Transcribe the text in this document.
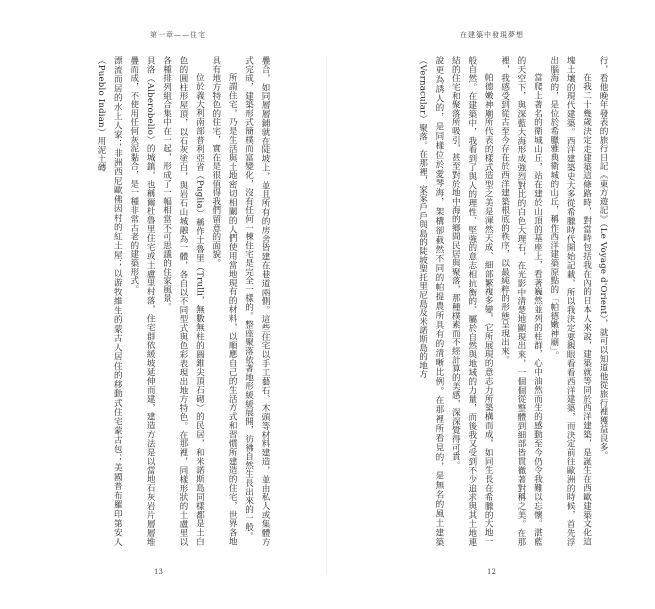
第一章——住宅

疊合，如同層層鋪就在陡坡上，並且所有的房舍皆建在巷道兩側。這些住宅以手工藝石、木頭等材料建造，並由私人或集體方式完成，建築形式簡樸而富變化，沒有任何一棟住宅是完全一樣的。整座聚落依著地形緩緩展開，彷彿自然生長出來的一般。

所謂住宅，乃是生活與土地密切相關的人們使用當地現有的材料，以順應自己的生活方式和習慣所建造的住宅，世界各地具有地方特色的住宅，實在是很值得我們留意的面貌。

位於義大利南部普利亞省（Puglia）稱作土魯里（Trulli，無數無柱的圓錐尖頂石砌）的民居，和米諾斯島同樣都是土白色的圓柱形屋頂，以石灰塗白，與岩石山城融為一體，各自以不同型式與色彩表現出地方特色。在那裡，同樣形狀的土盧里以各種排列組合集中在一起，形成了一幅相當不可思議的住家風景。

貝洛（Alberobello）的城鎮，也稱爾杜魯里住宅或土盧里村落，住宅群依緩坡延伸而建，建造方法是以當地石灰岩片層層堆疊而成，不使用任何灰泥黏合，是一種非常古老的建築形式。

漂流而居的水上人家；非洲西尼歐佛因村的紅土屋；以游牧維生的蒙古人居住的移動式住宅蒙古包；美國普布羅印第安人（Pueblo Indian）用泥土磚

13
在建築中發現夢想

行，看他晚年發表的旅行日記《東方遊記》（Le Voyage d'Orient），就可以知道他從旅行裡獲益良多。

在我二十幾歲決定走建築這條路時，對當時包括我在內的日本人來說，建築就等同於西洋建築，是誕生在西歐建築文化這塊土壤的現代建築。西洋建築史大多從希臘時代開始記載，所以我決定要親眼看看西洋建築，而決定前往歐洲的時候，首先浮出腦海的，是位於希臘雅典衛城的山丘，稱作西洋建築原點的「帕德嫩神廟」。

當爬上著名的衛城山丘，站在建於山頂的基座上，看著巍然並列的柱群，心中油然而生的感動至今仍令我難以忘懷。湛藍的天空下，與深藍大海形成強烈對比的白色大理石，在光影中清楚地顯現出來，一個個從整體到細部皆貫徹著對稱之美。在那裡，我感受到從古至今存在於西洋建築根底的秩序，以最純粹的形態呈現出來。

帕德嫩神廟所代表的樣式造型之美是渾然天成、細部繁複多變，它所展現的意志力所築構而成，如同生長在希臘的大地一般自然。在建築中，我看到了與人的理性、堅強的意志相抗衡的、屬於自然與地域的力量，而後我又受到不少追求與其土地連結的住宅和聚落所吸引，甚至對於地中海的鄉間民居與聚落，那種樸素而不經計算的美感，深深覺得可貴。

說更為誘人的，是同樣位於愛琴海，架構卻截然不同的帕提農所具有的清晰比例。在那裡所看見的，是無名的風土建築（Vernacular）聚落。在那裡，家家戶戶與島的陡坡聖托里尼島及米諾斯島的地方

12
